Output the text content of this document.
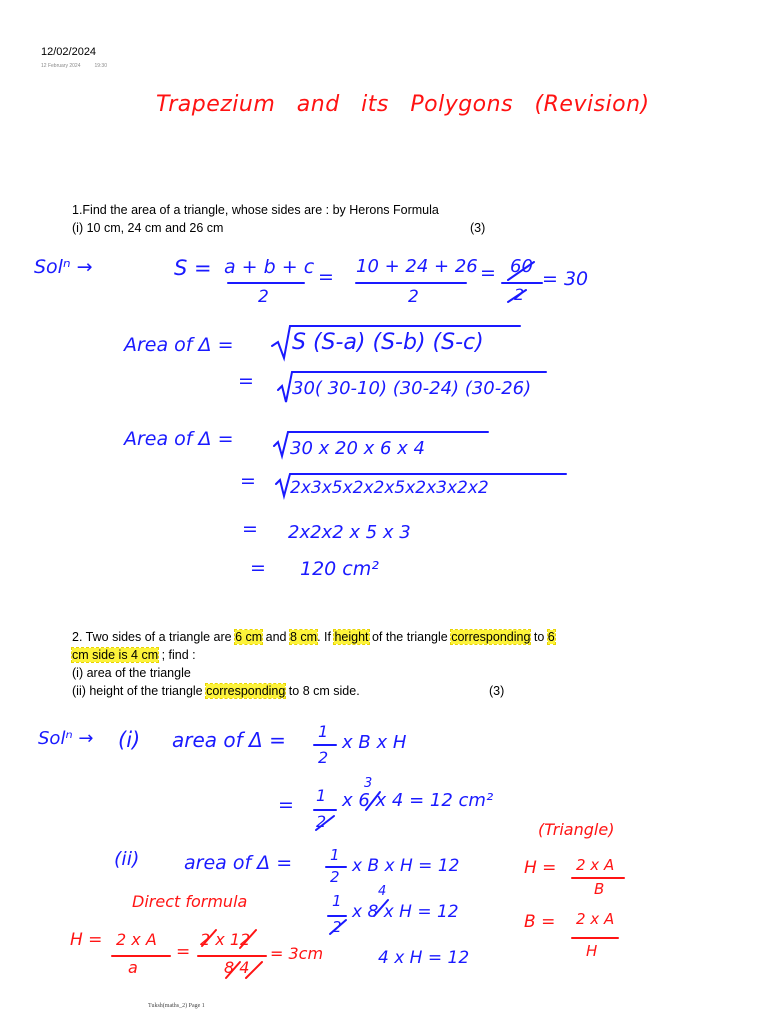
12/02/2024
12 February 2024	19:30
Trapezium and its Polygons (Revision)
1.Find the area of a triangle, whose sides are : by Herons Formula
(i) 10 cm, 24 cm and 26 cm	(3)
Solⁿ →	S = a + b + c
2
= 10 + 24 + 26
2
= 60
2
= 30
Area of Δ =	S (S-a) (S-b) (S-c)
= 30( 30-10) (30-24) (30-26)
Area of Δ =	30 x 20 x 6 x 4
= 2x3x5x2x2x5x2x3x2x2
= 2x2x2 x 5 x 3
= 120 cm²
2. Two sides of a triangle are 6 cm and 8 cm. If height of the triangle corresponding to 6
cm side is 4 cm ; find :
(i) area of the triangle
(ii) height of the triangle corresponding to 8 cm side.	(3)
Solⁿ → (i) area of Δ = 1
2
x B x H
= 1
2
3
x 6 x 4 = 12 cm²
(Triangle)
(ii) area of Δ =	1
2
x B x H = 12	H = 2 x A
B
Direct formula	1
2
4
x 8 x H = 12	B = 2 x A
H
H = 2 x A
a
=
2 x 12
8 4
= 3cm	4 x H = 12
Tuksh(maths_2) Page 1
